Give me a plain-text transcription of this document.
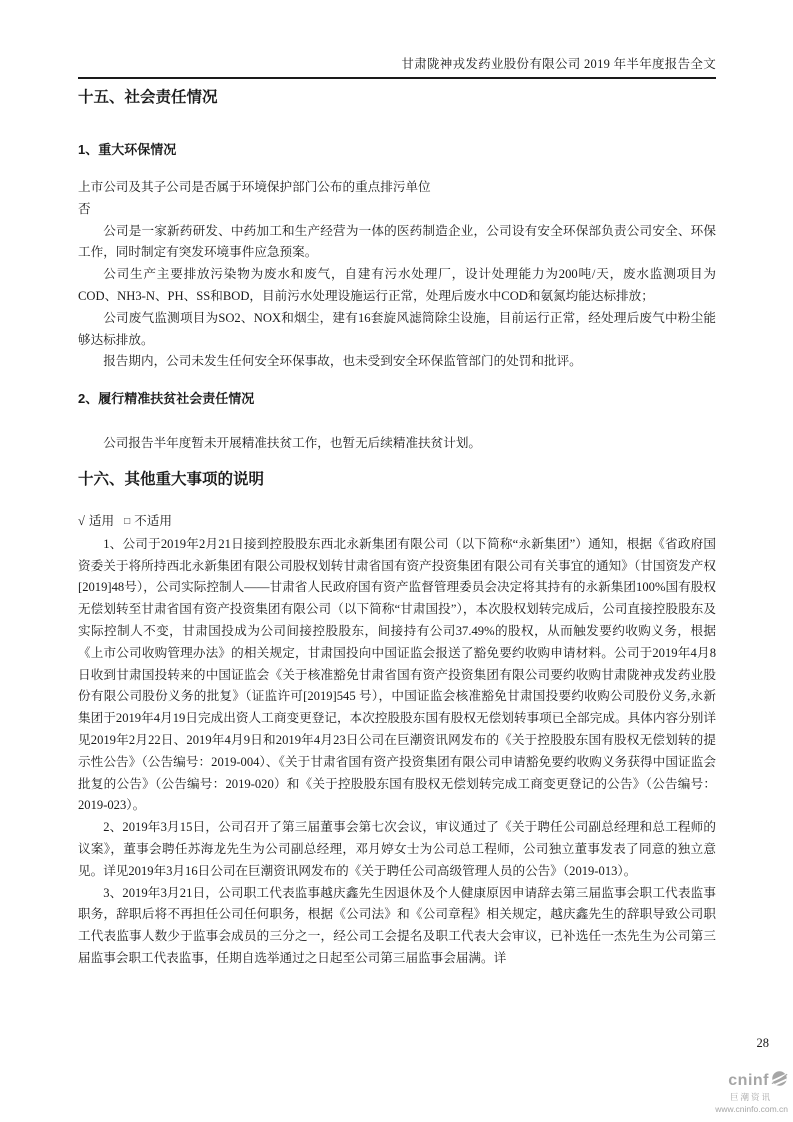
甘肃陇神戎发药业股份有限公司 2019 年半年度报告全文
十五、社会责任情况
1、重大环保情况
上市公司及其子公司是否属于环境保护部门公布的重点排污单位
否

公司是一家新药研发、中药加工和生产经营为一体的医药制造企业，公司设有安全环保部负责公司安全、环保工作，同时制定有突发环境事件应急预案。

公司生产主要排放污染物为废水和废气，自建有污水处理厂，设计处理能力为200吨/天，废水监测项目为COD、NH3-N、PH、SS和BOD，目前污水处理设施运行正常，处理后废水中COD和氨氮均能达标排放；

公司废气监测项目为SO2、NOX和烟尘，建有16套旋风滤筒除尘设施，目前运行正常，经处理后废气中粉尘能够达标排放。

报告期内，公司未发生任何安全环保事故，也未受到安全环保监管部门的处罚和批评。

2、履行精准扶贫社会责任情况

公司报告半年度暂未开展精准扶贫工作，也暂无后续精准扶贫计划。

十六、其他重大事项的说明
√ 适用 □ 不适用

1、公司于2019年2月21日接到控股股东西北永新集团有限公司（以下简称“永新集团”）通知，根据《省政府国资委关于将所持西北永新集团有限公司股权划转甘肃省国有资产投资集团有限公司有关事宜的通知》（甘国资发产权[2019]48号），公司实际控制人——甘肃省人民政府国有资产监督管理委员会决定将其持有的永新集团100%国有股权无偿划转至甘肃省国有资产投资集团有限公司（以下简称“甘肃国投”），本次股权划转完成后，公司直接控股股东及实际控制人不变，甘肃国投成为公司间接控股股东，间接持有公司37.49%的股权，从而触发要约收购义务，根据《上市公司收购管理办法》的相关规定，甘肃国投向中国证监会报送了豁免要约收购申请材料。公司于2019年4月8日收到甘肃国投转来的中国证监会《关于核准豁免甘肃省国有资产投资集团有限公司要约收购甘肃陇神戎发药业股份有限公司股份义务的批复》（证监许可[2019]545 号），中国证监会核准豁免甘肃国投要约收购公司股份义务,永新集团于2019年4月19日完成出资人工商变更登记，本次控股股东国有股权无偿划转事项已全部完成。具体内容分别详见2019年2月22日、2019年4月9日和2019年4月23日公司在巨潮资讯网发布的《关于控股股东国有股权无偿划转的提示性公告》（公告编号：2019-004）、《关于甘肃省国有资产投资集团有限公司申请豁免要约收购义务获得中国证监会批复的公告》（公告编号：2019-020）和《关于控股股东国有股权无偿划转完成工商变更登记的公告》（公告编号：2019-023）。

2、2019年3月15日，公司召开了第三届董事会第七次会议，审议通过了《关于聘任公司副总经理和总工程师的议案》，董事会聘任苏海龙先生为公司副总经理，邓月婷女士为公司总工程师，公司独立董事发表了同意的独立意见。详见2019年3月16日公司在巨潮资讯网发布的《关于聘任公司高级管理人员的公告》（2019-013）。

3、2019年3月21日，公司职工代表监事越庆鑫先生因退休及个人健康原因申请辞去第三届监事会职工代表监事职务，辞职后将不再担任公司任何职务，根据《公司法》和《公司章程》相关规定，越庆鑫先生的辞职导致公司职工代表监事人数少于监事会成员的三分之一，经公司工会提名及职工代表大会审议，已补选任一杰先生为公司第三届监事会职工代表监事，任期自选举通过之日起至公司第三届监事会届满。详

28
cninf
巨潮资讯
www.cninfo.com.cn
